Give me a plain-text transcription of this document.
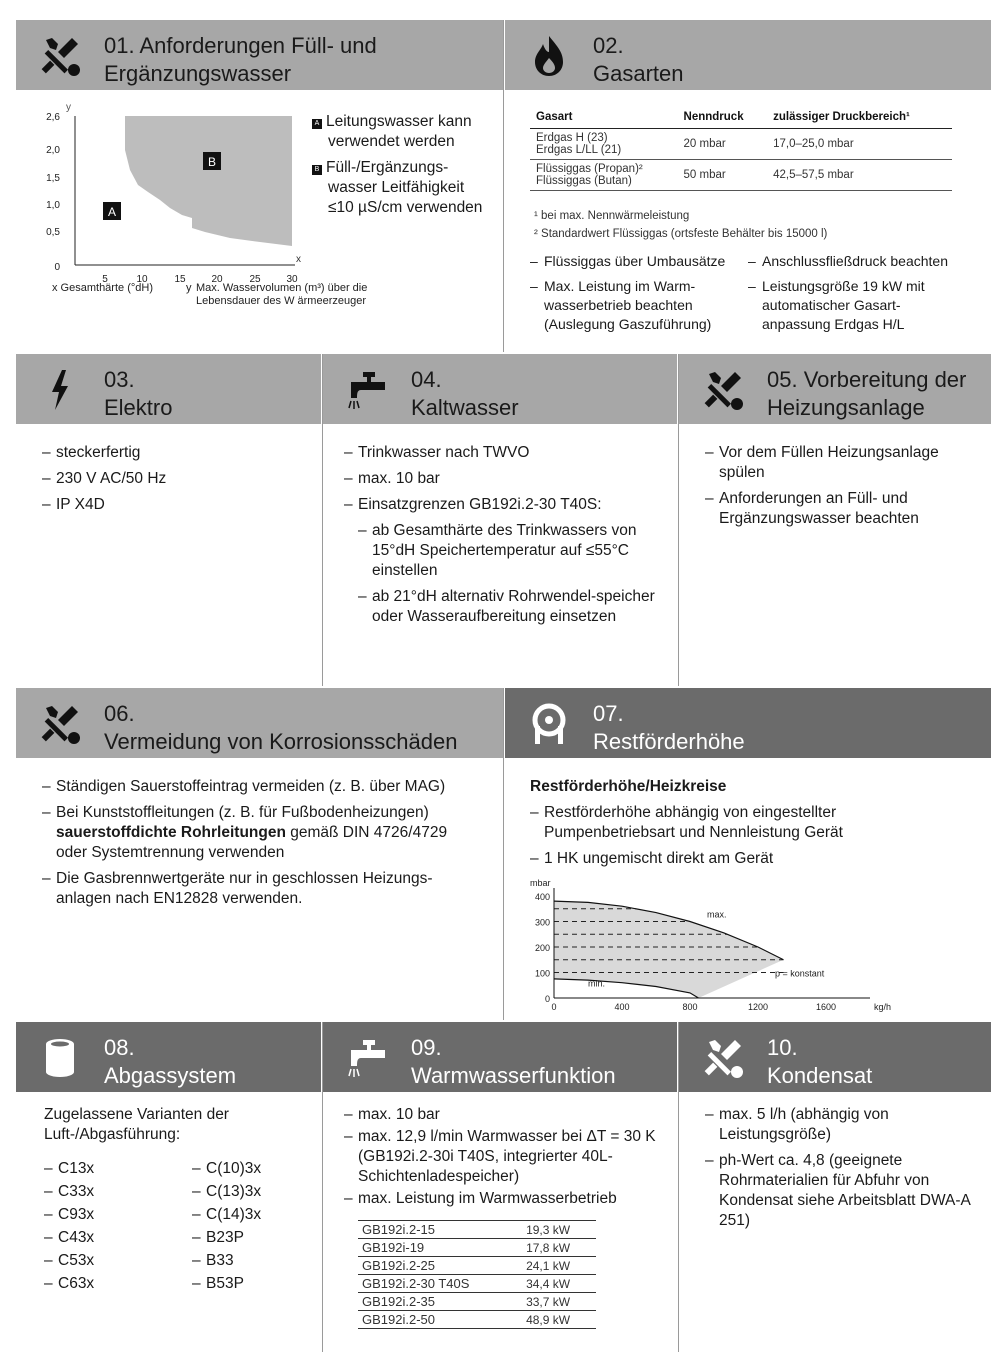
01. Anforderungen Füll- und
Ergänzungswasser
02.
Gasarten
y
x
2,6
2,0
1,5
1,0
0,5
0
5	10	15	20	25	30
B
A
x Gesamthärte (°dH)	y Max. Wasservolumen (m³) über die
Lebensdauer des W ärmeerzeuger
A Leitungswasser kann
verwendet werden
B Füll-/Ergänzungs-
wasser Leitfähigkeit
≤10 µS/cm verwenden
Gasart	Nenndruck	zulässiger Druckbereich¹
Erdgas H (23)
Erdgas L/LL (21)	20 mbar	17,0–25,0 mbar
Flüssiggas (Propan)²
Flüssiggas (Butan)	50 mbar	42,5–57,5 mbar
¹ bei max. Nennwärmeleistung
² Standardwert Flüssiggas (ortsfeste Behälter bis 15000 l)
– Flüssiggas über Umbausätze
– Max. Leistung im Warm-wasserbetrieb beachten (Auslegung Gaszuführung)
– Anschlussfließdruck beachten
– Leistungsgröße 19 kW mit automatischer Gasart-anpassung Erdgas H/L
03.
Elektro
04.
Kaltwasser
05. Vorbereitung der
Heizungsanlage
– steckerfertig
– 230 V AC/50 Hz
– IP X4D
– Trinkwasser nach TWVO
– max. 10 bar
– Einsatzgrenzen GB192i.2-30 T40S:
– ab Gesamthärte des Trinkwassers von 15°dH Speichertemperatur auf ≤55°C einstellen
– ab 21°dH alternativ Rohrwendel-speicher oder Wasseraufbereitung einsetzen
– Vor dem Füllen Heizungsanlage spülen
– Anforderungen an Füll- und Ergänzungswasser beachten
06.
Vermeidung von Korrosionsschäden
07.
Restförderhöhe
– Ständigen Sauerstoffeintrag vermeiden (z. B. über MAG)
– Bei Kunststoffleitungen (z. B. für Fußbodenheizungen) sauerstoffdichte Rohrleitungen gemäß DIN 4726/4729 oder Systemtrennung verwenden
– Die Gasbrennwertgeräte nur in geschlossen Heizungs-anlagen nach EN12828 verwenden.
Restförderhöhe/Heizkreise
– Restförderhöhe abhängig von eingestellter Pumpenbetriebsart und Nennleistung Gerät
– 1 HK ungemischt direkt am Gerät
400
300
200
100
0
0	400	800	1200	1600
mbar
kg/h
max.
min.
p = konstant
08.
Abgassystem
09.
Warmwasserfunktion
10.
Kondensat
Zugelassene Varianten der
Luft-/Abgasführung:
– C13x
– C33x
– C93x
– C43x
– C53x
– C63x
– C(10)3x
– C(13)3x
– C(14)3x
– B23P
– B33
– B53P
– max. 10 bar
– max. 12,9 l/min Warmwasser bei ΔT = 30 K (GB192i.2-30i T40S, integrierter 40L-Schichtenladespeicher)
– max. Leistung im Warmwasserbetrieb
GB192i.2-15	19,3 kW
GB192i-19	17,8 kW
GB192i.2-25	24,1 kW
GB192i.2-30 T40S	34,4 kW
GB192i.2-35	33,7 kW
GB192i.2-50	48,9 kW
– max. 5 l/h (abhängig von Leistungsgröße)
– ph-Wert ca. 4,8 (geeignete Rohrmaterialien für Abfuhr von Kondensat siehe Arbeitsblatt DWA-A 251)
